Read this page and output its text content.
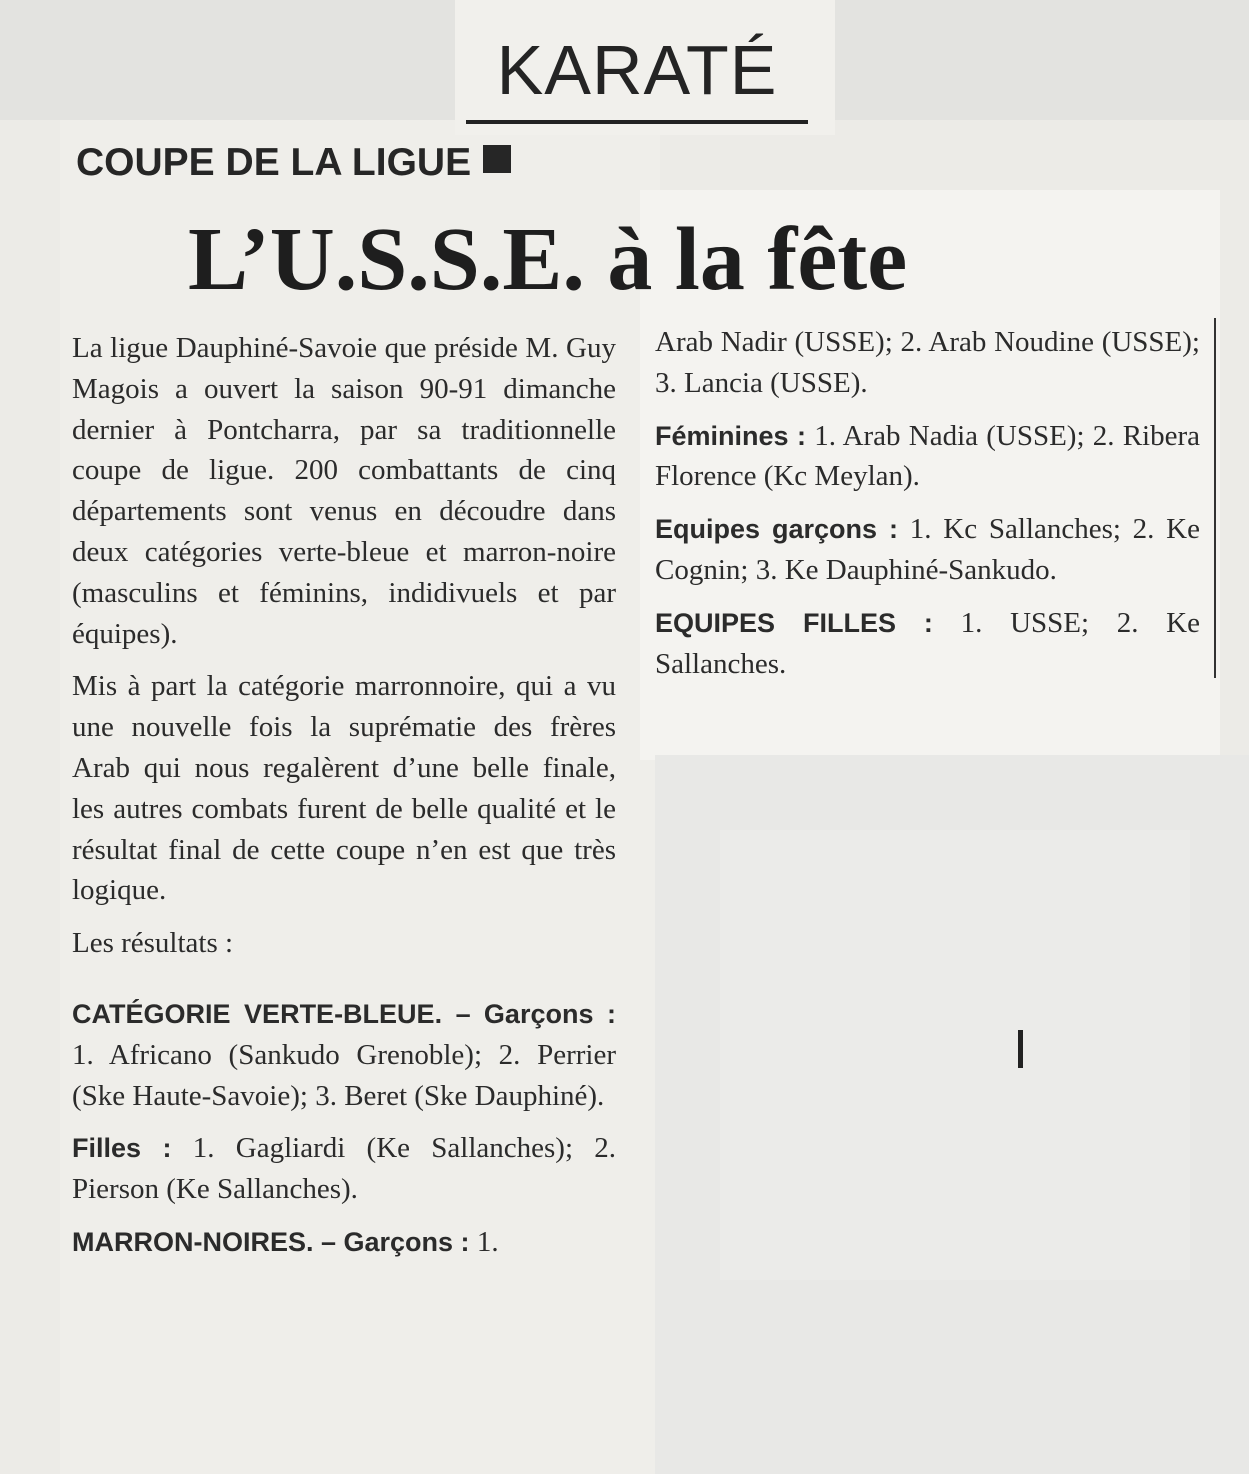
KARATÉ
COUPE DE LA LIGUE
L’U.S.S.E. à la fête

La ligue Dauphiné-Savoie que préside M. Guy Magois a ouvert la saison 90-91 dimanche dernier à Pontcharra, par sa traditionnelle coupe de ligue. 200 combattants de cinq départements sont venus en découdre dans deux catégories verte-bleue et marron-noire (masculins et féminins, indidivuels et par équipes).

Mis à part la catégorie marronnoire, qui a vu une nouvelle fois la suprématie des frères Arab qui nous regalèrent d’une belle finale, les autres combats furent de belle qualité et le résultat final de cette coupe n’en est que très logique.

Les résultats :

CATÉGORIE VERTE-BLEUE. – Garçons : 1. Africano (Sankudo Grenoble); 2. Perrier (Ske Haute-Savoie); 3. Beret (Ske Dauphiné).

Filles : 1. Gagliardi (Ke Sallanches); 2. Pierson (Ke Sallanches).

MARRON-NOIRES. – Garçons : 1.

Arab Nadir (USSE); 2. Arab Noudine (USSE); 3. Lancia (USSE).

Féminines : 1. Arab Nadia (USSE); 2. Ribera Florence (Kc Meylan).

Equipes garçons : 1. Kc Sallanches; 2. Ke Cognin; 3. Ke Dauphiné-Sankudo.

EQUIPES FILLES : 1. USSE; 2. Ke Sallanches.
